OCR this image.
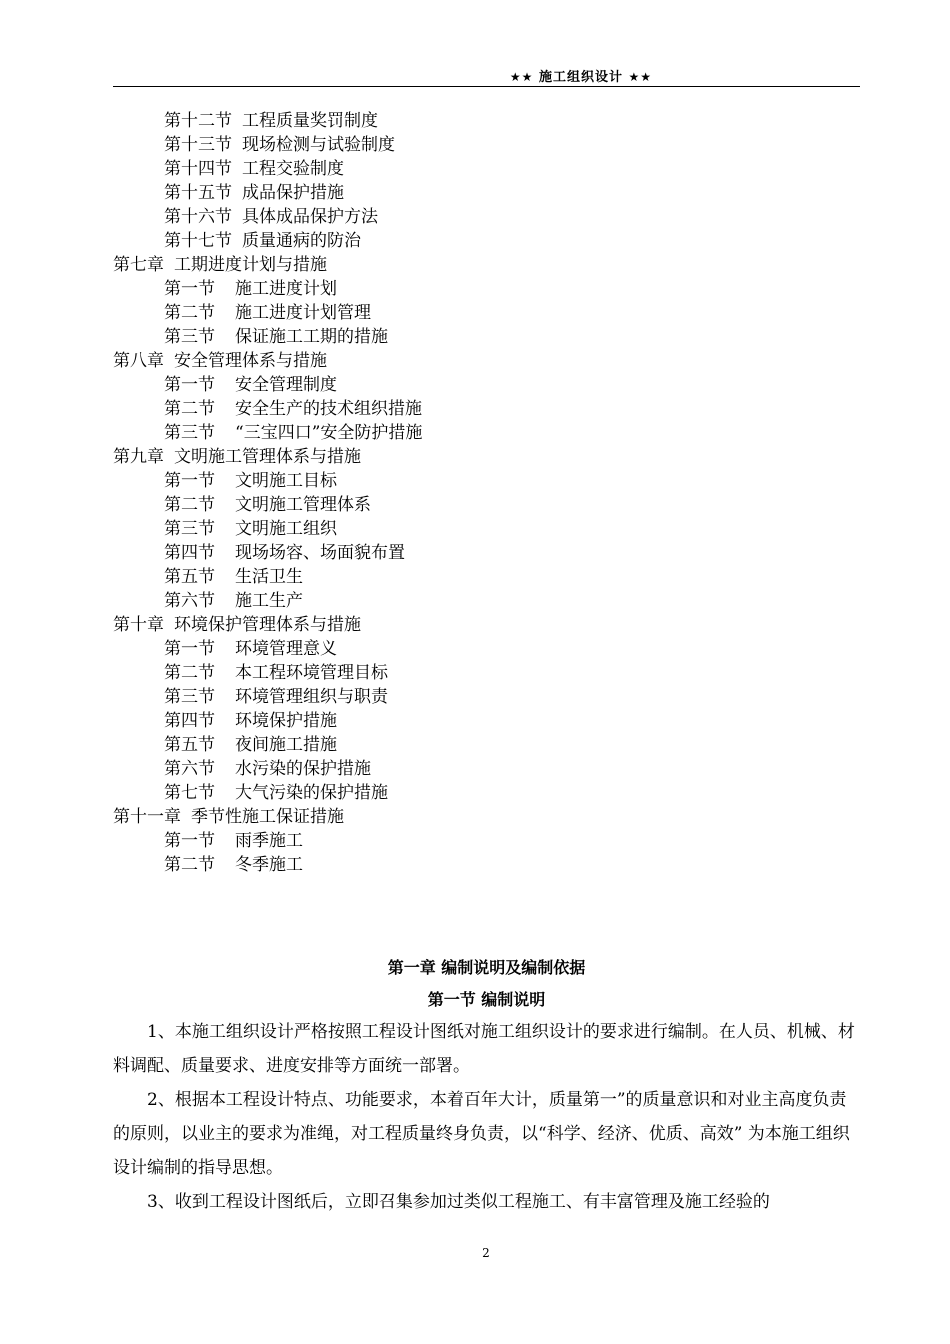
★★ 施工组织设计 ★★
第十二节 工程质量奖罚制度
第十三节 现场检测与试验制度
第十四节 工程交验制度
第十五节 成品保护措施
第十六节 具体成品保护方法
第十七节 质量通病的防治
第七章 工期进度计划与措施
第一节 施工进度计划
第二节 施工进度计划管理
第三节 保证施工工期的措施
第八章 安全管理体系与措施
第一节 安全管理制度
第二节 安全生产的技术组织措施
第三节 “三宝四口”安全防护措施
第九章 文明施工管理体系与措施
第一节 文明施工目标
第二节 文明施工管理体系
第三节 文明施工组织
第四节 现场场容、场面貌布置
第五节 生活卫生
第六节 施工生产
第十章 环境保护管理体系与措施
第一节 环境管理意义
第二节 本工程环境管理目标
第三节 环境管理组织与职责
第四节 环境保护措施
第五节 夜间施工措施
第六节 水污染的保护措施
第七节 大气污染的保护措施
第十一章 季节性施工保证措施
第一节 雨季施工
第二节 冬季施工
第一章 编制说明及编制依据
第一节 编制说明

1、本施工组织设计严格按照工程设计图纸对施工组织设计的要求进行编制。在人员、机械、材料调配、质量要求、进度安排等方面统一部署。

2、根据本工程设计特点、功能要求，本着百年大计，质量第一”的质量意识和对业主高度负责的原则，以业主的要求为准绳，对工程质量终身负责，以“科学、经济、优质、高效” 为本施工组织设计编制的指导思想。

3、收到工程设计图纸后，立即召集参加过类似工程施工、有丰富管理及施工经验的

2
